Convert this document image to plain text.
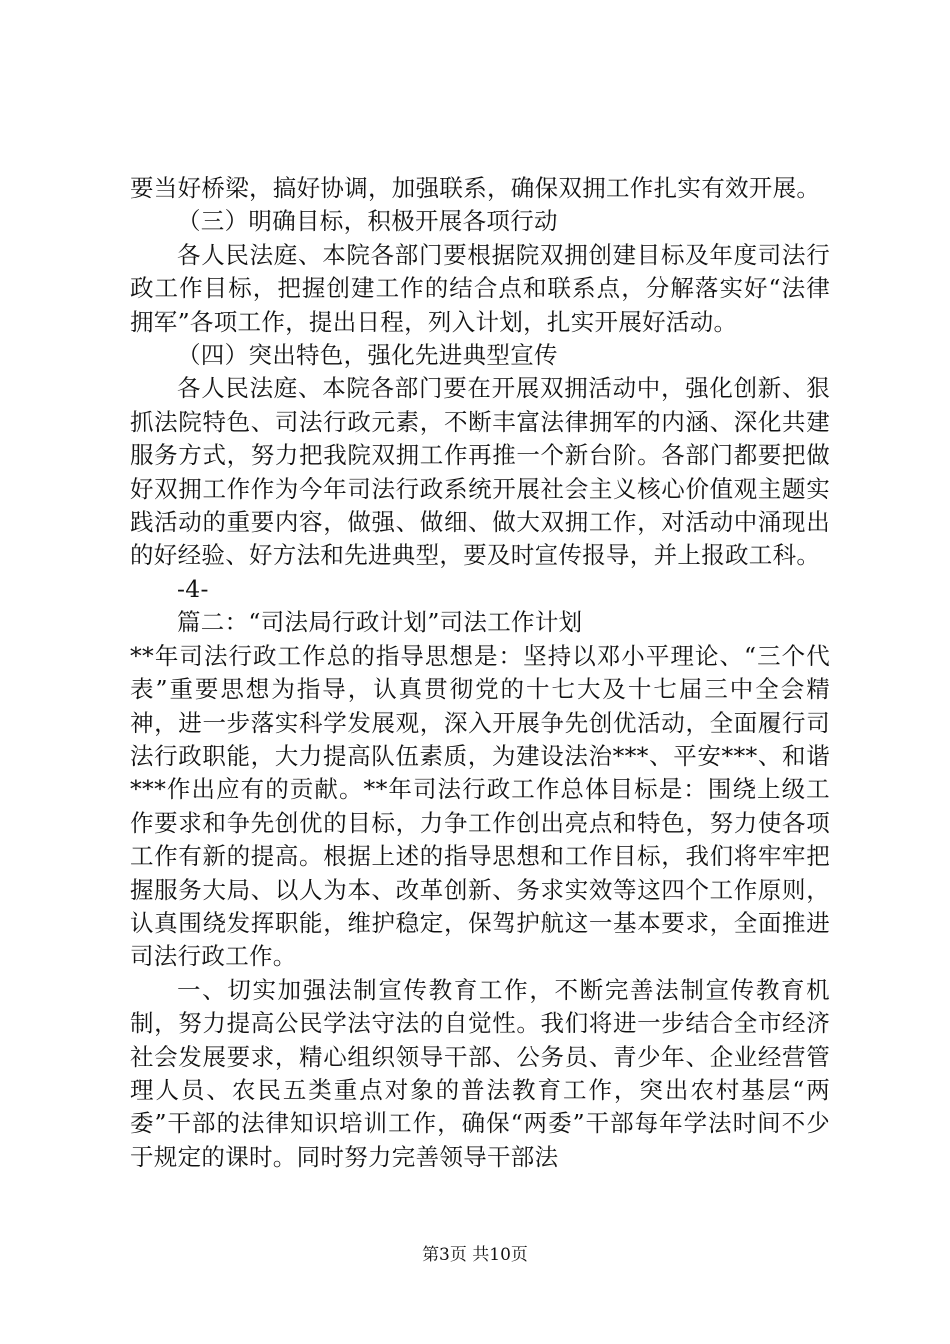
要当好桥梁，搞好协调，加强联系，确保双拥工作扎实有效开展。

（三）明确目标，积极开展各项行动

各人民法庭、本院各部门要根据院双拥创建目标及年度司法行政工作目标，把握创建工作的结合点和联系点，分解落实好“法律拥军”各项工作，提出日程，列入计划，扎实开展好活动。

（四）突出特色，强化先进典型宣传

各人民法庭、本院各部门要在开展双拥活动中，强化创新、狠抓法院特色、司法行政元素，不断丰富法律拥军的内涵、深化共建服务方式，努力把我院双拥工作再推一个新台阶。各部门都要把做好双拥工作作为今年司法行政系统开展社会主义核心价值观主题实践活动的重要内容，做强、做细、做大双拥工作，对活动中涌现出的好经验、好方法和先进典型，要及时宣传报导，并上报政工科。

-4-

篇二：“司法局行政计划”司法工作计划

**年司法行政工作总的指导思想是：坚持以邓小平理论、“三个代表”重要思想为指导，认真贯彻党的十七大及十七届三中全会精神，进一步落实科学发展观，深入开展争先创优活动，全面履行司法行政职能，大力提高队伍素质，为建设法治***、平安***、和谐***作出应有的贡献。**年司法行政工作总体目标是：围绕上级工作要求和争先创优的目标，力争工作创出亮点和特色，努力使各项工作有新的提高。根据上述的指导思想和工作目标，我们将牢牢把握服务大局、以人为本、改革创新、务求实效等这四个工作原则，认真围绕发挥职能，维护稳定，保驾护航这一基本要求，全面推进司法行政工作。

一、切实加强法制宣传教育工作，不断完善法制宣传教育机制，努力提高公民学法守法的自觉性。我们将进一步结合全市经济社会发展要求，精心组织领导干部、公务员、青少年、企业经营管理人员、农民五类重点对象的普法教育工作，突出农村基层“两委”干部的法律知识培训工作，确保“两委”干部每年学法时间不少于规定的课时。同时努力完善领导干部法

第3页 共10页
